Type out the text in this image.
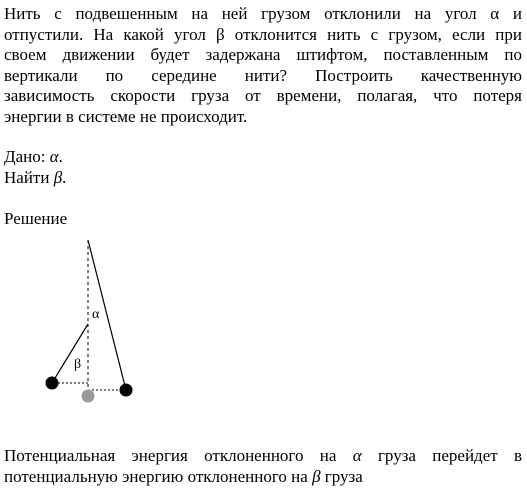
Нить с подвешенным на ней грузом отклонили на угол α и
отпустили. На какой угол β отклонится нить с грузом, если при
своем движении будет задержана штифтом, поставленным по
вертикали по середине нити? Построить качественную
зависимость скорости груза от времени, полагая, что потеря
энергии в системе не происходит.
Дано: α.
Найти β.
Решение
α
β
Потенциальная энергия отклоненного на α груза перейдет в
потенциальную энергию отклоненного на β груза
